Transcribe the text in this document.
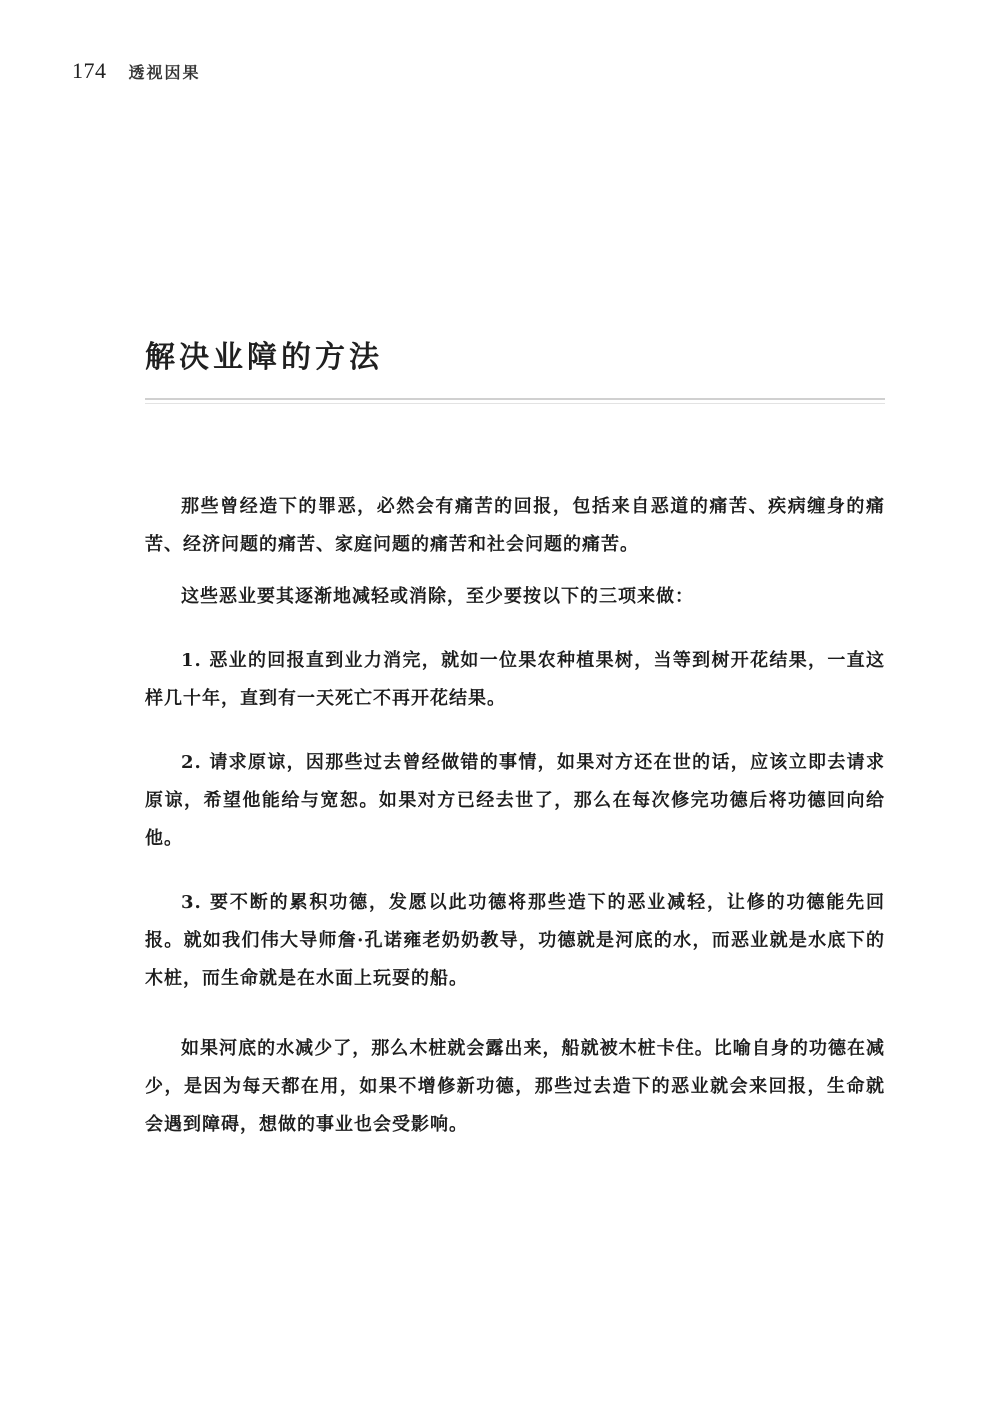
174 透视因果
解决业障的方法

那些曾经造下的罪恶，必然会有痛苦的回报，包括来自恶道的痛苦、疾病缠身的痛苦、经济问题的痛苦、家庭问题的痛苦和社会问题的痛苦。

这些恶业要其逐渐地减轻或消除，至少要按以下的三项来做：

1. 恶业的回报直到业力消完，就如一位果农种植果树，当等到树开花结果，一直这样几十年，直到有一天死亡不再开花结果。

2. 请求原谅，因那些过去曾经做错的事情，如果对方还在世的话，应该立即去请求原谅，希望他能给与宽恕。如果对方已经去世了，那么在每次修完功德后将功德回向给他。

3. 要不断的累积功德，发愿以此功德将那些造下的恶业减轻，让修的功德能先回报。就如我们伟大导师詹·孔诺雍老奶奶教导，功德就是河底的水，而恶业就是水底下的木桩，而生命就是在水面上玩耍的船。

如果河底的水减少了，那么木桩就会露出来，船就被木桩卡住。比喻自身的功德在减少，是因为每天都在用，如果不增修新功德，那些过去造下的恶业就会来回报，生命就会遇到障碍，想做的事业也会受影响。
